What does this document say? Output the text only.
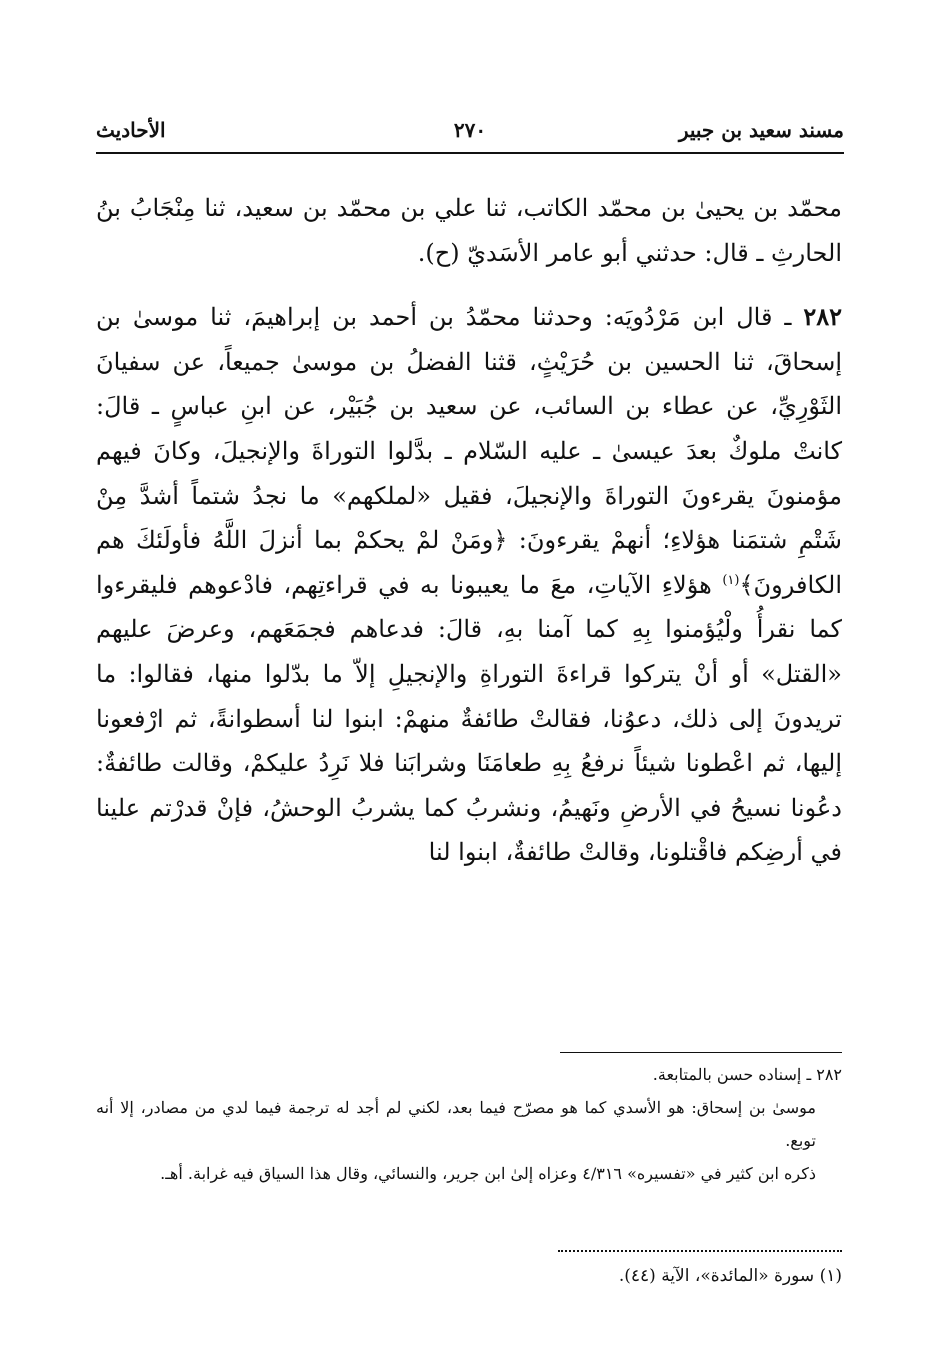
مسند سعيد بن جبير
٢٧٠
الأحاديث

محمّد بن يحيىٰ بن محمّد الكاتب، ثنا علي بن محمّد بن سعيد، ثنا مِنْجَابُ بنُ الحارثِ ـ قال: حدثني أبو عامر الأسَديّ (ح).

٢٨٢ ـ قال ابن مَرْدُويَه: وحدثنا محمّدُ بن أحمد بن إبراهيمَ، ثنا موسىٰ بن إسحاقَ، ثنا الحسين بن حُرَيْثٍ، قثنا الفضلُ بن موسىٰ جميعاً، عن سفيانَ الثَوْرِيِّ، عن عطاء بن السائب، عن سعيد بن جُبَيْر، عن ابنِ عباسٍ ـ قالَ: كانتْ ملوكٌ بعدَ عيسىٰ ـ عليه السّلام ـ بدَّلوا التوراةَ والإنجيلَ، وكانَ فيهم مؤمنونَ يقرءونَ التوراةَ والإنجيلَ، فقيل «لملكهم» ما نجدُ شتماً أشدَّ مِنْ شَتْمِ شتمَنا هؤلاءِ؛ أنهمْ يقرءونَ: ﴿ومَنْ لمْ يحكمْ بما أنزلَ اللَّهُ فأولَئكَ هم الكافرونَ﴾$^{(١)}$ هؤلاءِ الآياتِ، معَ ما يعيبونا به في قراءتِهم، فادْعوهم فليقرءوا كما نقرأُ ولْيُؤمنوا بِهِ كما آمنا بهِ، قالَ: فدعاهم فجمَعَهم، وعرضَ عليهم «القتل» أو أنْ يتركوا قراءةَ التوراةِ والإنجيلِ إلاّ ما بدّلوا منها، فقالوا: ما تريدونَ إلى ذلك، دعوُنا، فقالتْ طائفةٌ منهمْ: ابنوا لنا أسطوانةً، ثم ارْفعونا إليها، ثم اعْطونا شيئاً نرفعُ بِهِ طعامَنَا وشرابَنا فلا نَرِدُ عليكمْ، وقالت طائفةٌ: دعُونا نسيحُ في الأرضِ ونَهيمُ، ونشربُ كما يشربُ الوحشُ، فإنْ قدرْتم علينا في أرضِكم فاقْتلونا، وقالتْ طائفةٌ، ابنوا لنا

٢٨٢ ـ إسناده حسن بالمتابعة.

موسىٰ بن إسحاق: هو الأسدي كما هو مصرّح فيما بعد، لكني لم أجد له ترجمة فيما لدي من مصادر، إلا أنه توبع.

ذكره ابن كثير في «تفسيره» ٤/٣١٦ وعزاه إلىٰ ابن جرير، والنسائي، وقال هذا السياق فيه غرابة. أهـ.

(١) سورة «المائدة»، الآية (٤٤).
